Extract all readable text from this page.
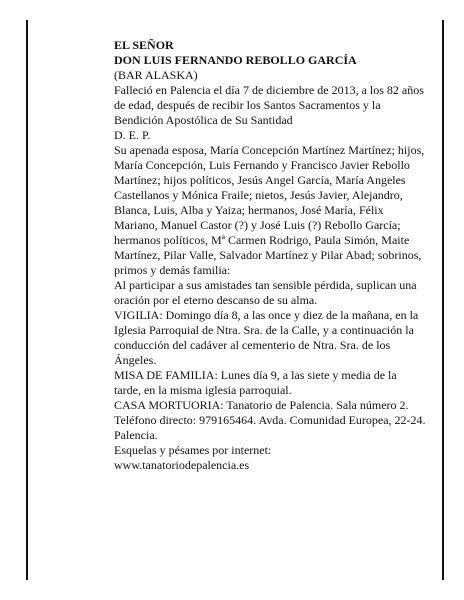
EL SEÑOR

DON LUIS FERNANDO REBOLLO GARCÍA

(BAR ALASKA)

Falleció en Palencia el día 7 de diciembre de 2013, a los 82 años de edad, después de recibir los Santos Sacramentos y la Bendición Apostólica de Su Santidad

D. E. P.

Su apenada esposa, María Concepción Martínez Martínez; hijos, María Concepción, Luis Fernando y Francisco Javier Rebollo Martínez; hijos políticos, Jesús Angel García, María Angeles Castellanos y Mónica Fraile; nietos, Jesús Javier, Alejandro, Blanca, Luis, Alba y Yaiza; hermanos, José María, Félix Mariano, Manuel Castor (?) y José Luis (?) Rebollo García; hermanos políticos, Mª Carmen Rodrigo, Paula Simón, Maite Martínez, Pilar Valle, Salvador Martínez y Pilar Abad; sobrinos, primos y demás familia:

Al participar a sus amistades tan sensible pérdida, suplican una oración por el eterno descanso de su alma.

VIGILIA: Domingo día 8, a las once y diez de la mañana, en la Iglesia Parroquial de Ntra. Sra. de la Calle, y a continuación la conducción del cadáver al cementerio de Ntra. Sra. de los Ángeles.

MISA DE FAMILIA: Lunes día 9, a las siete y media de la tarde, en la misma iglesia parroquial.

CASA MORTUORIA: Tanatorio de Palencia. Sala número 2. Teléfono directo: 979165464. Avda. Comunidad Europea, 22-24. Palencia.

Esquelas y pésames por internet:

www.tanatoriodepalencia.es
